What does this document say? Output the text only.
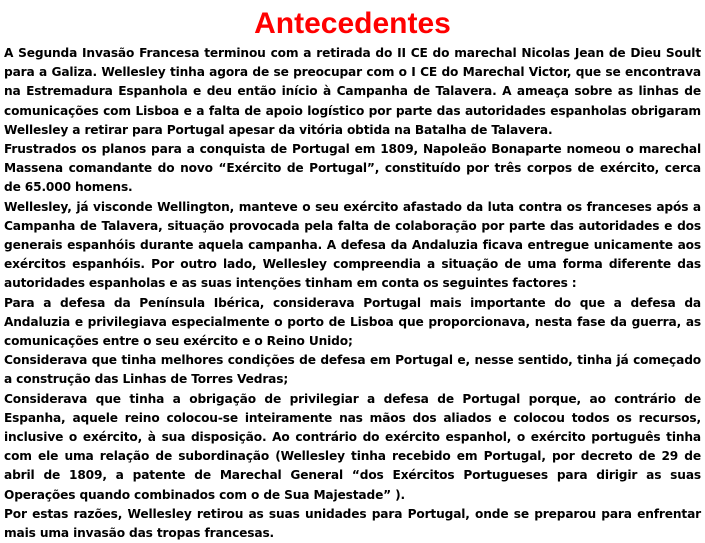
Antecedentes

A Segunda Invasão Francesa terminou com a retirada do II CE do marechal Nicolas Jean de Dieu Soult para a Galiza. Wellesley tinha agora de se preocupar com o I CE do Marechal Victor, que se encontrava na Estremadura Espanhola e deu então início à Campanha de Talavera. A ameaça sobre as linhas de comunicações com Lisboa e a falta de apoio logístico por parte das autoridades espanholas obrigaram Wellesley a retirar para Portugal apesar da vitória obtida na Batalha de Talavera.

Frustrados os planos para a conquista de Portugal em 1809, Napoleão Bonaparte nomeou o marechal Massena comandante do novo “Exército de Portugal”, constituído por três corpos de exército, cerca de 65.000 homens.

Wellesley, já visconde Wellington, manteve o seu exército afastado da luta contra os franceses após a Campanha de Talavera, situação provocada pela falta de colaboração por parte das autoridades e dos generais espanhóis durante aquela campanha. A defesa da Andaluzia ficava entregue unicamente aos exércitos espanhóis. Por outro lado, Wellesley compreendia a situação de uma forma diferente das autoridades espanholas e as suas intenções tinham em conta os seguintes factores :

Para a defesa da Península Ibérica, considerava Portugal mais importante do que a defesa da Andaluzia e privilegiava especialmente o porto de Lisboa que proporcionava, nesta fase da guerra, as comunicações entre o seu exército e o Reino Unido;

Considerava que tinha melhores condições de defesa em Portugal e, nesse sentido, tinha já começado a construção das Linhas de Torres Vedras;

Considerava que tinha a obrigação de privilegiar a defesa de Portugal porque, ao contrário de Espanha, aquele reino colocou-se inteiramente nas mãos dos aliados e colocou todos os recursos, inclusive o exército, à sua disposição. Ao contrário do exército espanhol, o exército português tinha com ele uma relação de subordinação (Wellesley tinha recebido em Portugal, por decreto de 29 de abril de 1809, a patente de Marechal General “dos Exércitos Portugueses para dirigir as suas Operações quando combinados com o de Sua Majestade” ).

Por estas razões, Wellesley retirou as suas unidades para Portugal, onde se preparou para enfrentar mais uma invasão das tropas francesas.
